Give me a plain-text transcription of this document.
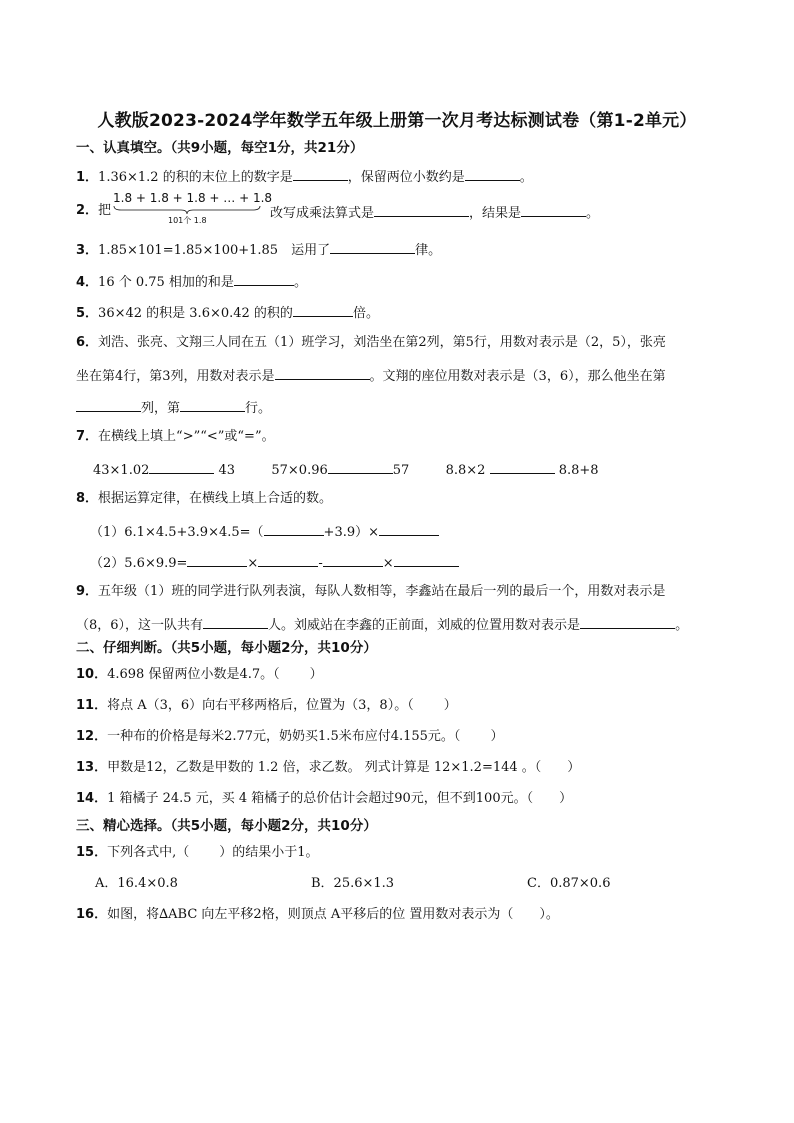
人教版2023-2024学年数学五年级上册第一次月考达标测试卷（第1-2单元）
一、认真填空。（共9小题，每空1分，共21分）
1．1.36×1.2 的积的末位上的数字是	，保留两位小数约是	。
2． 把
1.8 + 1.8 + 1.8 + … + 1.8
101个 1.8	改写成乘法算式是	，结果是	。
3．1.85×101=1.85×100+1.85　运用了	律。
4．16 个 0.75 相加的和是	。
5．36×42 的积是 3.6×0.42 的积的	倍。
6．刘浩、张亮、文翔三人同在五（1）班学习，刘浩坐在第2列，第5行，用数对表示是（2，5），张亮
坐在第4行，第3列，用数对表示是	。文翔的座位用数对表示是（3，6），那么他坐在第
列，第	行。
7．在横线上填上“>”“<”或“=”。
43×1.02	43	57×0.96	57	8.8×2	8.8+8
8．根据运算定律，在横线上填上合适的数。
（1）6.1×4.5+3.9×4.5=（	+3.9）×
（2）5.6×9.9=	×	-	×
9．五年级（1）班的同学进行队列表演，每队人数相等，李鑫站在最后一列的最后一个，用数对表示是
（8，6），这一队共有	人。刘威站在李鑫的正前面，刘威的位置用数对表示是	。
二、仔细判断。（共5小题，每小题2分，共10分）
10．4.698 保留两位小数是4.7。（ ）
11．将点 A（3，6）向右平移两格后，位置为（3，8）。（ ）
12．一种布的价格是每米2.77元，奶奶买1.5米布应付4.155元。（ ）
13．甲数是12，乙数是甲数的 1.2 倍，求乙数。 列式计算是 12×1.2=144 。（ ）
14．1 箱橘子 24.5 元，买 4 箱橘子的总价估计会超过90元，但不到100元。（ ）
三、精心选择。（共5小题，每小题2分，共10分）
15．下列各式中,（ ）的结果小于1。
A．16.4×0.8	B．25.6×1.3	C．0.87×0.6
16．如图，将∆ABC 向左平移2格，则顶点 A平移后的位 置用数对表示为（ ）。
